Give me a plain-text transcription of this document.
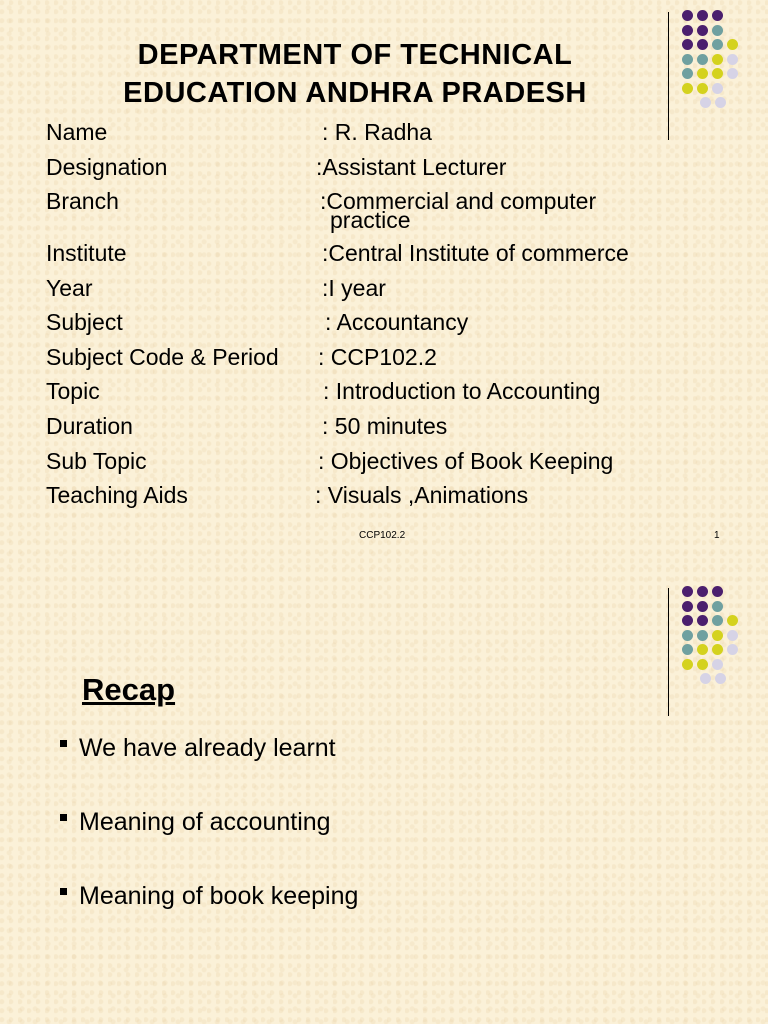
DEPARTMENT OF TECHNICAL
EDUCATION ANDHRA PRADESH
Name	: R. Radha
Designation	:Assistant Lecturer
Branch	:Commercial and computer
practice
Institute	:Central Institute of commerce
Year	:I year
Subject	: Accountancy
Subject Code & Period : CCP102.2
Topic	: Introduction to Accounting
Duration	: 50 minutes
Sub Topic	: Objectives of Book Keeping
Teaching Aids	: Visuals ,Animations
CCP102.2	1
Recap
We have already learnt
Meaning of accounting
Meaning of book keeping
